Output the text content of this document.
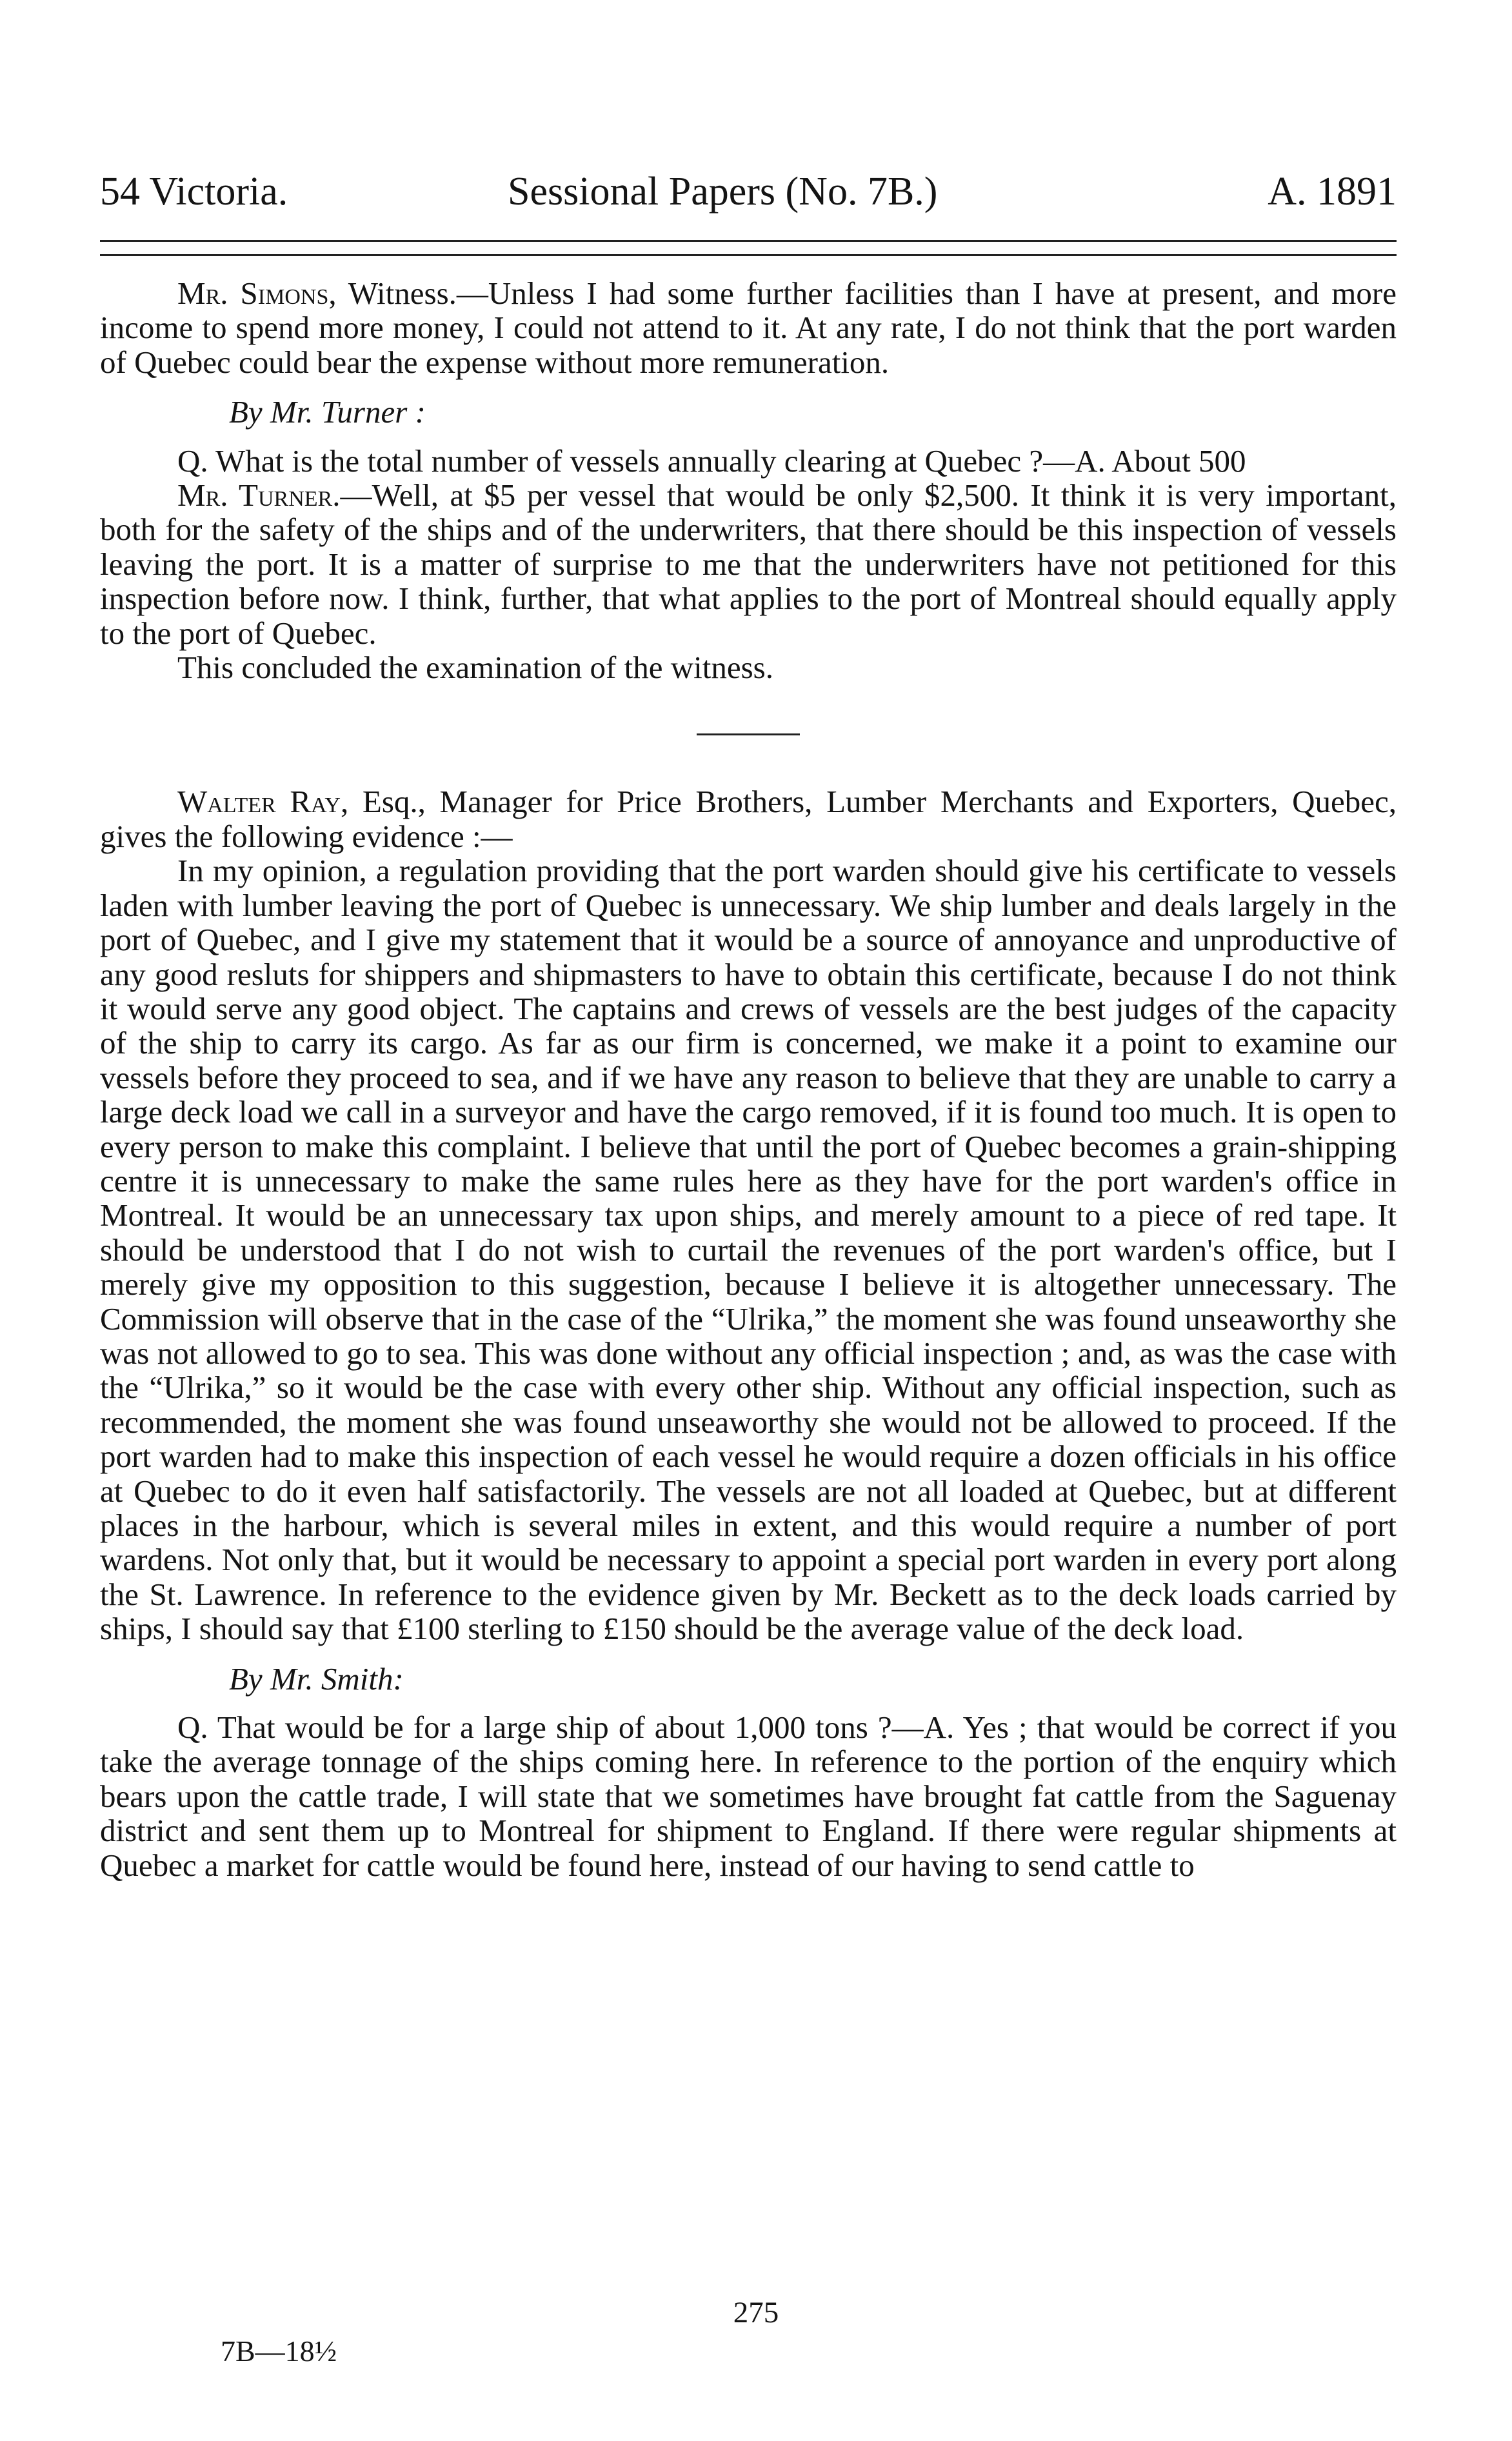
54 Victoria.	Sessional Papers (No. 7B.)	A. 1891

Mr. Simons, Witness.—Unless I had some further facilities than I have at present, and more income to spend more money, I could not attend to it. At any rate, I do not think that the port warden of Quebec could bear the expense without more remuneration.

By Mr. Turner :

Q. What is the total number of vessels annually clearing at Quebec ?—A. About 500

Mr. Turner.—Well, at $5 per vessel that would be only $2,500. It think it is very important, both for the safety of the ships and of the underwriters, that there should be this inspection of vessels leaving the port. It is a matter of surprise to me that the underwriters have not petitioned for this inspection before now. I think, further, that what applies to the port of Montreal should equally apply to the port of Quebec.

This concluded the examination of the witness.

Walter Ray, Esq., Manager for Price Brothers, Lumber Merchants and Exporters, Quebec, gives the following evidence :—

In my opinion, a regulation providing that the port warden should give his certificate to vessels laden with lumber leaving the port of Quebec is unnecessary. We ship lumber and deals largely in the port of Quebec, and I give my statement that it would be a source of annoyance and unproductive of any good resluts for shippers and shipmasters to have to obtain this certificate, because I do not think it would serve any good object. The captains and crews of vessels are the best judges of the capacity of the ship to carry its cargo. As far as our firm is concerned, we make it a point to examine our vessels before they proceed to sea, and if we have any reason to believe that they are unable to carry a large deck load we call in a surveyor and have the cargo removed, if it is found too much. It is open to every person to make this complaint. I believe that until the port of Quebec becomes a grain-shipping centre it is unnecessary to make the same rules here as they have for the port warden's office in Montreal. It would be an unnecessary tax upon ships, and merely amount to a piece of red tape. It should be understood that I do not wish to curtail the revenues of the port warden's office, but I merely give my opposition to this suggestion, because I believe it is altogether unnecessary. The Commission will observe that in the case of the “Ulrika,” the moment she was found unseaworthy she was not allowed to go to sea. This was done without any official inspection ; and, as was the case with the “Ulrika,” so it would be the case with every other ship. Without any official inspection, such as recommended, the moment she was found unseaworthy she would not be allowed to proceed. If the port warden had to make this inspection of each vessel he would require a dozen officials in his office at Quebec to do it even half satisfactorily. The vessels are not all loaded at Quebec, but at different places in the harbour, which is several miles in extent, and this would require a number of port wardens. Not only that, but it would be necessary to appoint a special port warden in every port along the St. Lawrence. In reference to the evidence given by Mr. Beckett as to the deck loads carried by ships, I should say that £100 sterling to £150 should be the average value of the deck load.

By Mr. Smith:

Q. That would be for a large ship of about 1,000 tons ?—A. Yes ; that would be correct if you take the average tonnage of the ships coming here. In reference to the portion of the enquiry which bears upon the cattle trade, I will state that we sometimes have brought fat cattle from the Saguenay district and sent them up to Montreal for shipment to England. If there were regular shipments at Quebec a market for cattle would be found here, instead of our having to send cattle to

275
7B—18½
